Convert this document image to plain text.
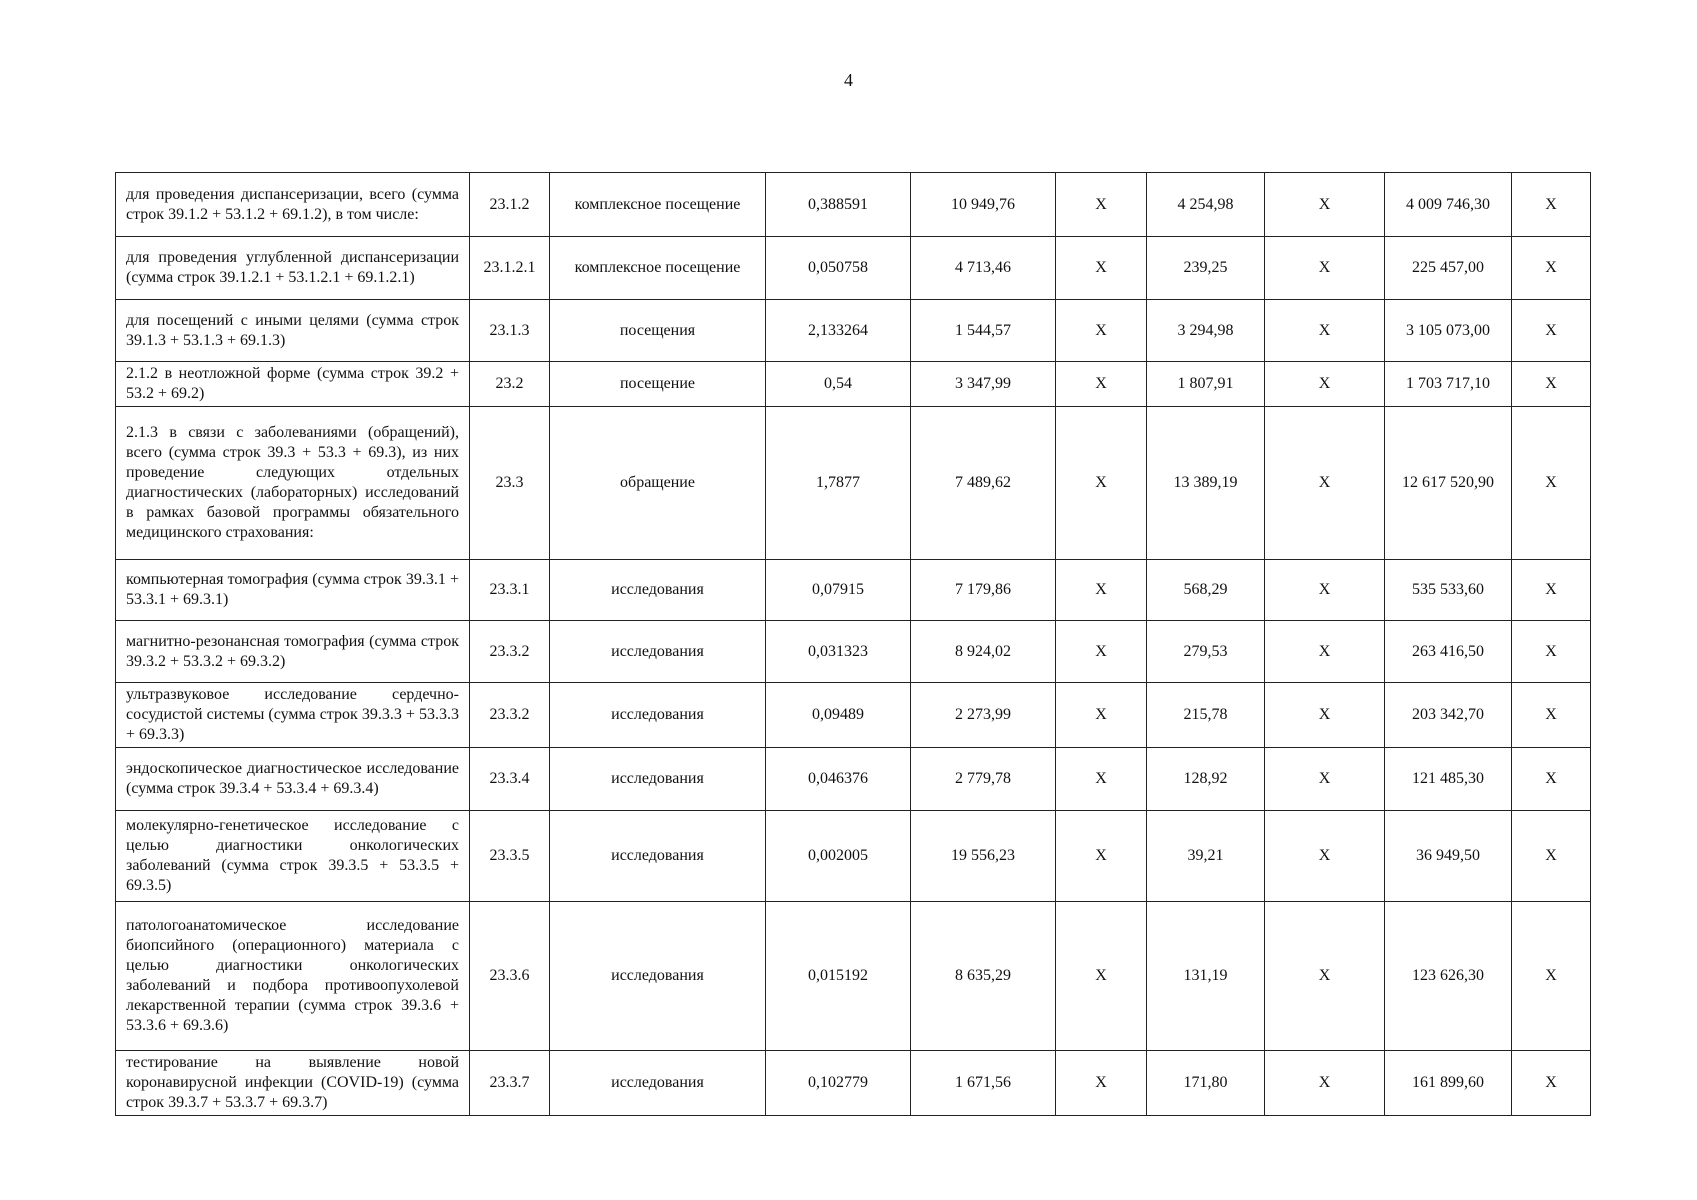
4
для проведения диспансеризации, всего (сумма строк 39.1.2 + 53.1.2 + 69.1.2), в том числе:	23.1.2	комплексное посещение	0,388591	10 949,76	X	4 254,98	X	4 009 746,30	X
для проведения углубленной диспансеризации (сумма строк 39.1.2.1 + 53.1.2.1 + 69.1.2.1)	23.1.2.1	комплексное посещение	0,050758	4 713,46	X	239,25	X	225 457,00	X
для посещений с иными целями (сумма строк 39.1.3 + 53.1.3 + 69.1.3)	23.1.3	посещения	2,133264	1 544,57	X	3 294,98	X	3 105 073,00	X
2.1.2 в неотложной форме (сумма строк 39.2 + 53.2 + 69.2)	23.2	посещение	0,54	3 347,99	X	1 807,91	X	1 703 717,10	X
2.1.3 в связи с заболеваниями (обращений), всего (сумма строк 39.3 + 53.3 + 69.3), из них проведение следующих отдельных диагностических (лабораторных) исследований в рамках базовой программы обязательного медицинского страхования:	23.3	обращение	1,7877	7 489,62	X	13 389,19	X	12 617 520,90	X
компьютерная томография (сумма строк 39.3.1 + 53.3.1 + 69.3.1)	23.3.1	исследования	0,07915	7 179,86	X	568,29	X	535 533,60	X
магнитно-резонансная томография (сумма строк 39.3.2 + 53.3.2 + 69.3.2)	23.3.2	исследования	0,031323	8 924,02	X	279,53	X	263 416,50	X
ультразвуковое исследование сердечно-сосудистой системы (сумма строк 39.3.3 + 53.3.3 + 69.3.3)	23.3.2	исследования	0,09489	2 273,99	X	215,78	X	203 342,70	X
эндоскопическое диагностическое исследование (сумма строк 39.3.4 + 53.3.4 + 69.3.4)	23.3.4	исследования	0,046376	2 779,78	X	128,92	X	121 485,30	X
молекулярно-генетическое исследование с целью диагностики онкологических заболеваний (сумма строк 39.3.5 + 53.3.5 + 69.3.5)	23.3.5	исследования	0,002005	19 556,23	X	39,21	X	36 949,50	X
патологоанатомическое исследование биопсийного (операционного) материала с целью диагностики онкологических заболеваний и подбора противоопухолевой лекарственной терапии (сумма строк 39.3.6 + 53.3.6 + 69.3.6)	23.3.6	исследования	0,015192	8 635,29	X	131,19	X	123 626,30	X
тестирование на выявление новой коронавирусной инфекции (COVID-19) (сумма строк 39.3.7 + 53.3.7 + 69.3.7)	23.3.7	исследования	0,102779	1 671,56	X	171,80	X	161 899,60	X
